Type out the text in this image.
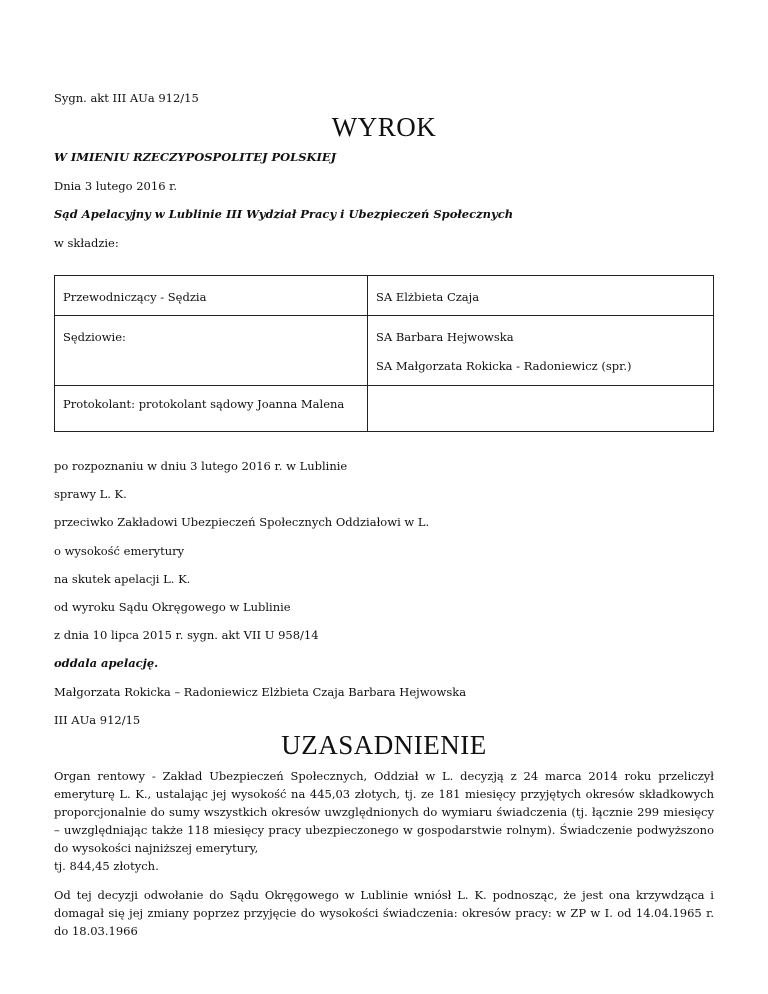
Sygn. akt III AUa 912/15
WYROK
W IMIENIU RZECZYPOSPOLITEJ POLSKIEJ
Dnia 3 lutego 2016 r.
Sąd Apelacyjny w Lublinie III Wydział Pracy i Ubezpieczeń Społecznych
w składzie:
Przewodniczący - Sędzia	SA Elżbieta Czaja
Sędziowie:	SA Barbara Hejwowska
SA Małgorzata Rokicka - Radoniewicz (spr.)

Protokolant: protokolant sądowy Joanna Malena	
po rozpoznaniu w dniu 3 lutego 2016 r. w Lublinie
sprawy L. K.
przeciwko Zakładowi Ubezpieczeń Społecznych Oddziałowi w L.
o wysokość emerytury
na skutek apelacji L. K.
od wyroku Sądu Okręgowego w Lublinie
z dnia 10 lipca 2015 r. sygn. akt VII U 958/14
oddala apelację.
Małgorzata Rokicka – Radoniewicz Elżbieta Czaja Barbara Hejwowska
III AUa 912/15
UZASADNIENIE
Organ rentowy - Zakład Ubezpieczeń Społecznych, Oddział w L. decyzją z 24 marca 2014 roku przeliczył emeryturę L. K., ustalając jej wysokość na 445,03 złotych, tj. ze 181 miesięcy przyjętych okresów składkowych proporcjonalnie do sumy wszystkich okresów uwzględnionych do wymiaru świadczenia (tj. łącznie 299 miesięcy – uwzględniając także 118 miesięcy pracy ubezpieczonego w gospodarstwie rolnym). Świadczenie podwyższono do wysokości najniższej emerytury,
tj. 844,45 złotych.
Od tej decyzji odwołanie do Sądu Okręgowego w Lublinie wniósł L. K. podnosząc, że jest ona krzywdząca i domagał się jej zmiany poprzez przyjęcie do wysokości świadczenia: okresów pracy: w ZP w I. od 14.04.1965 r. do 18.03.1966
